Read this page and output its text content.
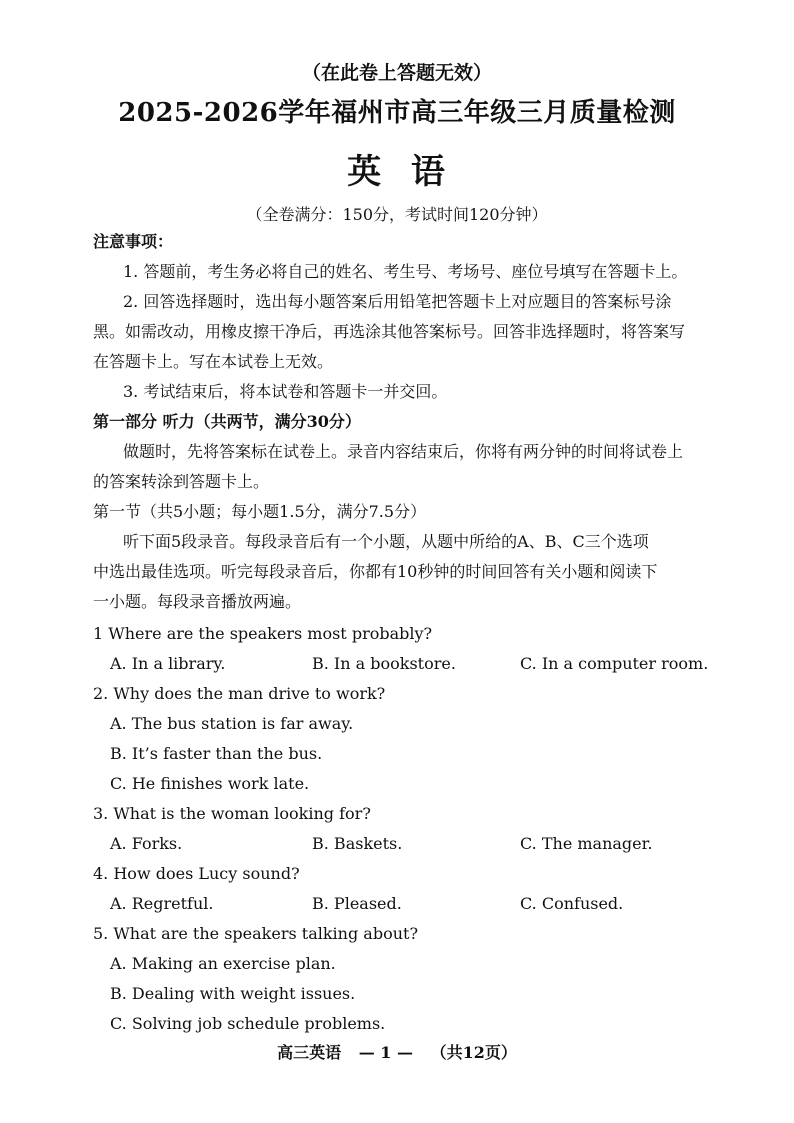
（在此卷上答题无效）
2025-2026学年福州市高三年级三月质量检测
英  语
（全卷满分：150分，考试时间120分钟）
注意事项：
1. 答题前，考生务必将自己的姓名、考生号、考场号、座位号填写在答题卡上。
2. 回答选择题时，选出每小题答案后用铅笔把答题卡上对应题目的答案标号涂
黑。如需改动，用橡皮擦干净后，再选涂其他答案标号。回答非选择题时，将答案写
在答题卡上。写在本试卷上无效。
3. 考试结束后，将本试卷和答题卡一并交回。
第一部分 听力（共两节，满分30分）
做题时，先将答案标在试卷上。录音内容结束后，你将有两分钟的时间将试卷上
的答案转涂到答题卡上。
第一节（共5小题；每小题1.5分，满分7.5分）
听下面5段录音。每段录音后有一个小题，从题中所给的A、B、C三个选项
中选出最佳选项。听完每段录音后，你都有10秒钟的时间回答有关小题和阅读下
一小题。每段录音播放两遍。
1 Where are the speakers most probably?
A. In a library.	B. In a bookstore.	C. In a computer room.
2. Why does the man drive to work?
A. The bus station is far away.
B. It’s faster than the bus.
C. He finishes work late.
3. What is the woman looking for?
A. Forks.	B. Baskets.	C. The manager.
4. How does Lucy sound?
A. Regretful.	B. Pleased.	C. Confused.
5. What are the speakers talking about?
A. Making an exercise plan.
B. Dealing with weight issues.
C. Solving job schedule problems.
高三英语 — 1 — （共12页）
